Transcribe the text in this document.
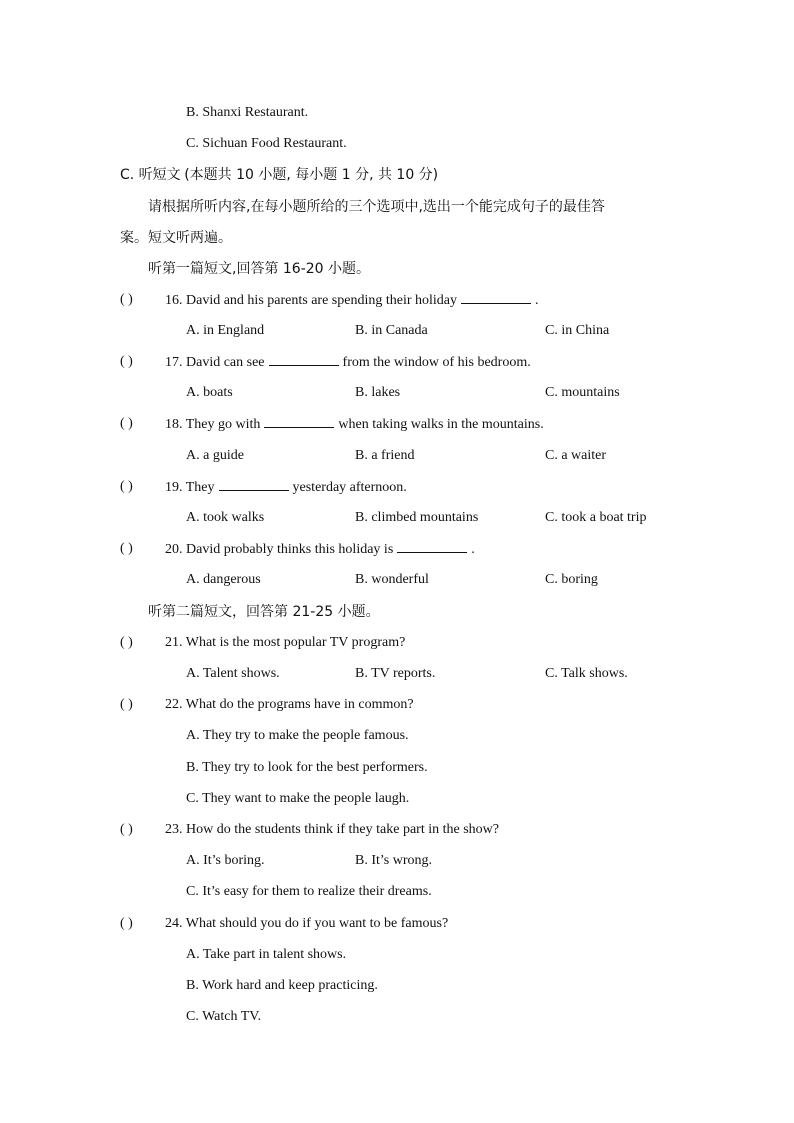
B. Shanxi Restaurant.
C. Sichuan Food Restaurant.
C. 听短文 (本题共 10 小题, 每小题 1 分, 共 10 分)
请根据所听内容,在每小题所给的三个选项中,选出一个能完成句子的最佳答
案。短文听两遍。
听第一篇短文,回答第 16-20 小题。
( ) 16. David and his parents are spending their holiday	.
A. in England	B. in Canada	C. in China
( ) 17. David can see	from the window of his bedroom.
A. boats	B. lakes	C. mountains
( ) 18. They go with	when taking walks in the mountains.
A. a guide	B. a friend	C. a waiter
( ) 19. They	yesterday afternoon.
A. took walks	B. climbed mountains	C. took a boat trip
( ) 20. David probably thinks this holiday is	.
A. dangerous	B. wonderful	C. boring
听第二篇短文，回答第 21-25 小题。
( ) 21. What is the most popular TV program?
A. Talent shows.	B. TV reports.	C. Talk shows.
( ) 22. What do the programs have in common?
A. They try to make the people famous.
B. They try to look for the best performers.
C. They want to make the people laugh.
( ) 23. How do the students think if they take part in the show?
A. It’s boring.	B. It’s wrong.
C. It’s easy for them to realize their dreams.
( ) 24. What should you do if you want to be famous?
A. Take part in talent shows.
B. Work hard and keep practicing.
C. Watch TV.
